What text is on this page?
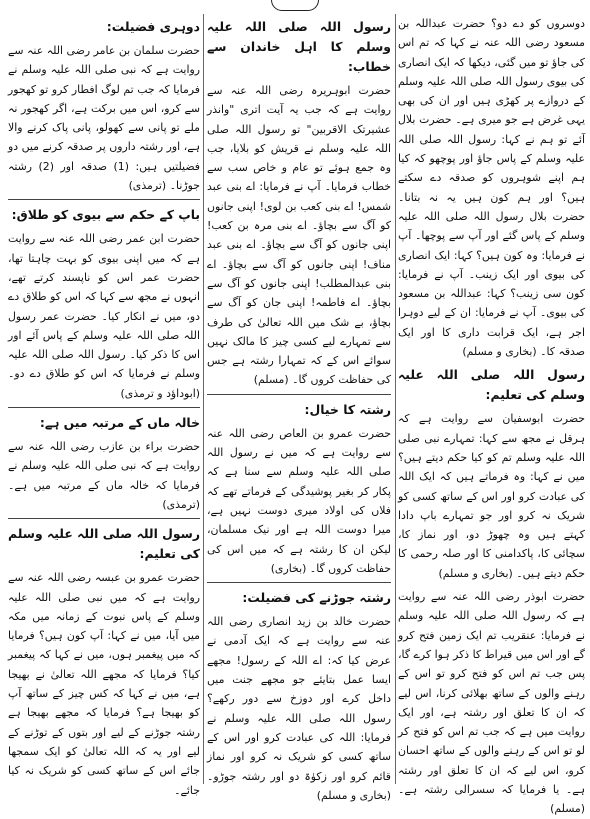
دوسروں کو دے دو؟ حضرت عبداللہ بن مسعود رضی اللہ عنہ نے کہا کہ تم اس کی جاؤ تو میں گئی، دیکھا کہ ایک انصاری کی بیوی رسول اللہ صلی اللہ علیہ وسلم کے دروازے پر کھڑی ہیں اور ان کی بھی یہی غرض ہے جو میری ہے۔ حضرت بلال آئے تو ہم نے کہا: رسول اللہ صلی اللہ علیہ وسلم کے پاس جاؤ اور پوچھو کہ کیا ہم اپنے شوہروں کو صدقہ دے سکتے ہیں؟ اور ہم کون ہیں یہ نہ بتانا۔ حضرت بلال رسول اللہ صلی اللہ علیہ وسلم کے پاس گئے اور آپ سے پوچھا۔ آپ نے فرمایا: وہ کون ہیں؟ کہا: ایک انصاری کی بیوی اور ایک زینب۔ آپ نے فرمایا: کون سی زینب؟ کہا: عبداللہ بن مسعود کی بیوی۔ آپ نے فرمایا: ان کے لیے دوہرا اجر ہے، ایک قرابت داری کا اور ایک صدقہ کا۔ (بخاری و مسلم)

رسول اللہ صلی اللہ علیہ وسلم کی تعلیم:

حضرت ابوسفیان سے روایت ہے کہ ہرقل نے مجھ سے کہا: تمہارے نبی صلی اللہ علیہ وسلم تم کو کیا حکم دیتے ہیں؟ میں نے کہا: وہ فرماتے ہیں کہ ایک اللہ کی عبادت کرو اور اس کے ساتھ کسی کو شریک نہ کرو اور جو تمہارے باپ دادا کہتے ہیں وہ چھوڑ دو، اور نماز کا، سچائی کا، پاکدامنی کا اور صلہ رحمی کا حکم دیتے ہیں۔ (بخاری و مسلم)

حضرت ابوذر رضی اللہ عنہ سے روایت ہے کہ رسول اللہ صلی اللہ علیہ وسلم نے فرمایا: عنقریب تم ایک زمین فتح کرو گے اور اس میں قیراط کا ذکر ہوا کرے گا، پس جب تم اس کو فتح کرو تو اس کے رہنے والوں کے ساتھ بھلائی کرنا، اس لیے کہ ان کا تعلق اور رشتہ ہے، اور ایک روایت میں ہے کہ جب تم اس کو فتح کر لو تو اس کے رہنے والوں کے ساتھ احسان کرو، اس لیے کہ ان کا تعلق اور رشتہ ہے۔ یا فرمایا کہ سسرالی رشتہ ہے۔ (مسلم)

رسول اللہ صلی اللہ علیہ وسلم کا اہل خاندان سے خطاب:

حضرت ابوہریرہ رضی اللہ عنہ سے روایت ہے کہ جب یہ آیت اتری "وانذر عشیرتک الاقربین" تو رسول اللہ صلی اللہ علیہ وسلم نے قریش کو بلایا، جب وہ جمع ہوئے تو عام و خاص سب سے خطاب فرمایا۔ آپ نے فرمایا: اے بنی عبد شمس! اے بنی کعب بن لوی! اپنی جانوں کو آگ سے بچاؤ۔ اے بنی مرہ بن کعب! اپنی جانوں کو آگ سے بچاؤ۔ اے بنی عبد مناف! اپنی جانوں کو آگ سے بچاؤ۔ اے بنی عبدالمطلب! اپنی جانوں کو آگ سے بچاؤ۔ اے فاطمہ! اپنی جان کو آگ سے بچاؤ، بے شک میں اللہ تعالیٰ کی طرف سے تمہارے لیے کسی چیز کا مالک نہیں سوائے اس کے کہ تمہارا رشتہ ہے جس کی حفاظت کروں گا۔ (مسلم)

رشتہ کا خیال:

حضرت عمرو بن العاص رضی اللہ عنہ سے روایت ہے کہ میں نے رسول اللہ صلی اللہ علیہ وسلم سے سنا ہے کہ پکار کر بغیر پوشیدگی کے فرماتے تھے کہ فلاں کی اولاد میری دوست نہیں ہے، میرا دوست اللہ ہے اور نیک مسلمان، لیکن ان کا رشتہ ہے کہ میں اس کی حفاظت کروں گا۔ (بخاری)

رشتہ جوڑنے کی فضیلت:

حضرت خالد بن زید انصاری رضی اللہ عنہ سے روایت ہے کہ ایک آدمی نے عرض کیا کہ: اے اللہ کے رسول! مجھے ایسا عمل بتایئے جو مجھے جنت میں داخل کرے اور دوزخ سے دور رکھے؟ رسول اللہ صلی اللہ علیہ وسلم نے فرمایا: اللہ کی عبادت کرو اور اس کے ساتھ کسی کو شریک نہ کرو اور نماز قائم کرو اور زکوٰۃ دو اور رشتہ جوڑو۔ (بخاری و مسلم)

دوہری فضیلت:

حضرت سلمان بن عامر رضی اللہ عنہ سے روایت ہے کہ نبی صلی اللہ علیہ وسلم نے فرمایا کہ جب تم لوگ افطار کرو تو کھجور سے کرو، اس میں برکت ہے، اگر کھجور نہ ملے تو پانی سے کھولو، پانی پاک کرنے والا ہے، اور رشتہ داروں پر صدقہ کرنے میں دو فضیلتیں ہیں: (1) صدقہ اور (2) رشتہ جوڑنا۔ (ترمذی)

باپ کے حکم سے بیوی کو طلاق:

حضرت ابن عمر رضی اللہ عنہ سے روایت ہے کہ میں اپنی بیوی کو بہت چاہتا تھا، حضرت عمر اس کو ناپسند کرتے تھے، انہوں نے مجھ سے کہا کہ اس کو طلاق دے دو، میں نے انکار کیا۔ حضرت عمر رسول اللہ صلی اللہ علیہ وسلم کے پاس آئے اور اس کا ذکر کیا۔ رسول اللہ صلی اللہ علیہ وسلم نے فرمایا کہ اس کو طلاق دے دو۔ (ابوداؤد و ترمذی)

خالہ ماں کے مرتبہ میں ہے:

حضرت براء بن عازب رضی اللہ عنہ سے روایت ہے کہ نبی صلی اللہ علیہ وسلم نے فرمایا کہ خالہ ماں کے مرتبہ میں ہے۔ (ترمذی)

رسول اللہ صلی اللہ علیہ وسلم کی تعلیم:

حضرت عمرو بن عبسہ رضی اللہ عنہ سے روایت ہے کہ میں نبی صلی اللہ علیہ وسلم کے پاس نبوت کے زمانہ میں مکہ میں آیا، میں نے کہا: آپ کون ہیں؟ فرمایا کہ میں پیغمبر ہوں، میں نے کہا کہ پیغمبر کیا؟ فرمایا کہ مجھے اللہ تعالیٰ نے بھیجا ہے، میں نے کہا کہ کس چیز کے ساتھ آپ کو بھیجا ہے؟ فرمایا کہ مجھے بھیجا ہے رشتہ جوڑنے کے لیے اور بتوں کے توڑنے کے لیے اور یہ کہ اللہ تعالیٰ کو ایک سمجھا جائے اس کے ساتھ کسی کو شریک نہ کیا جائے۔
